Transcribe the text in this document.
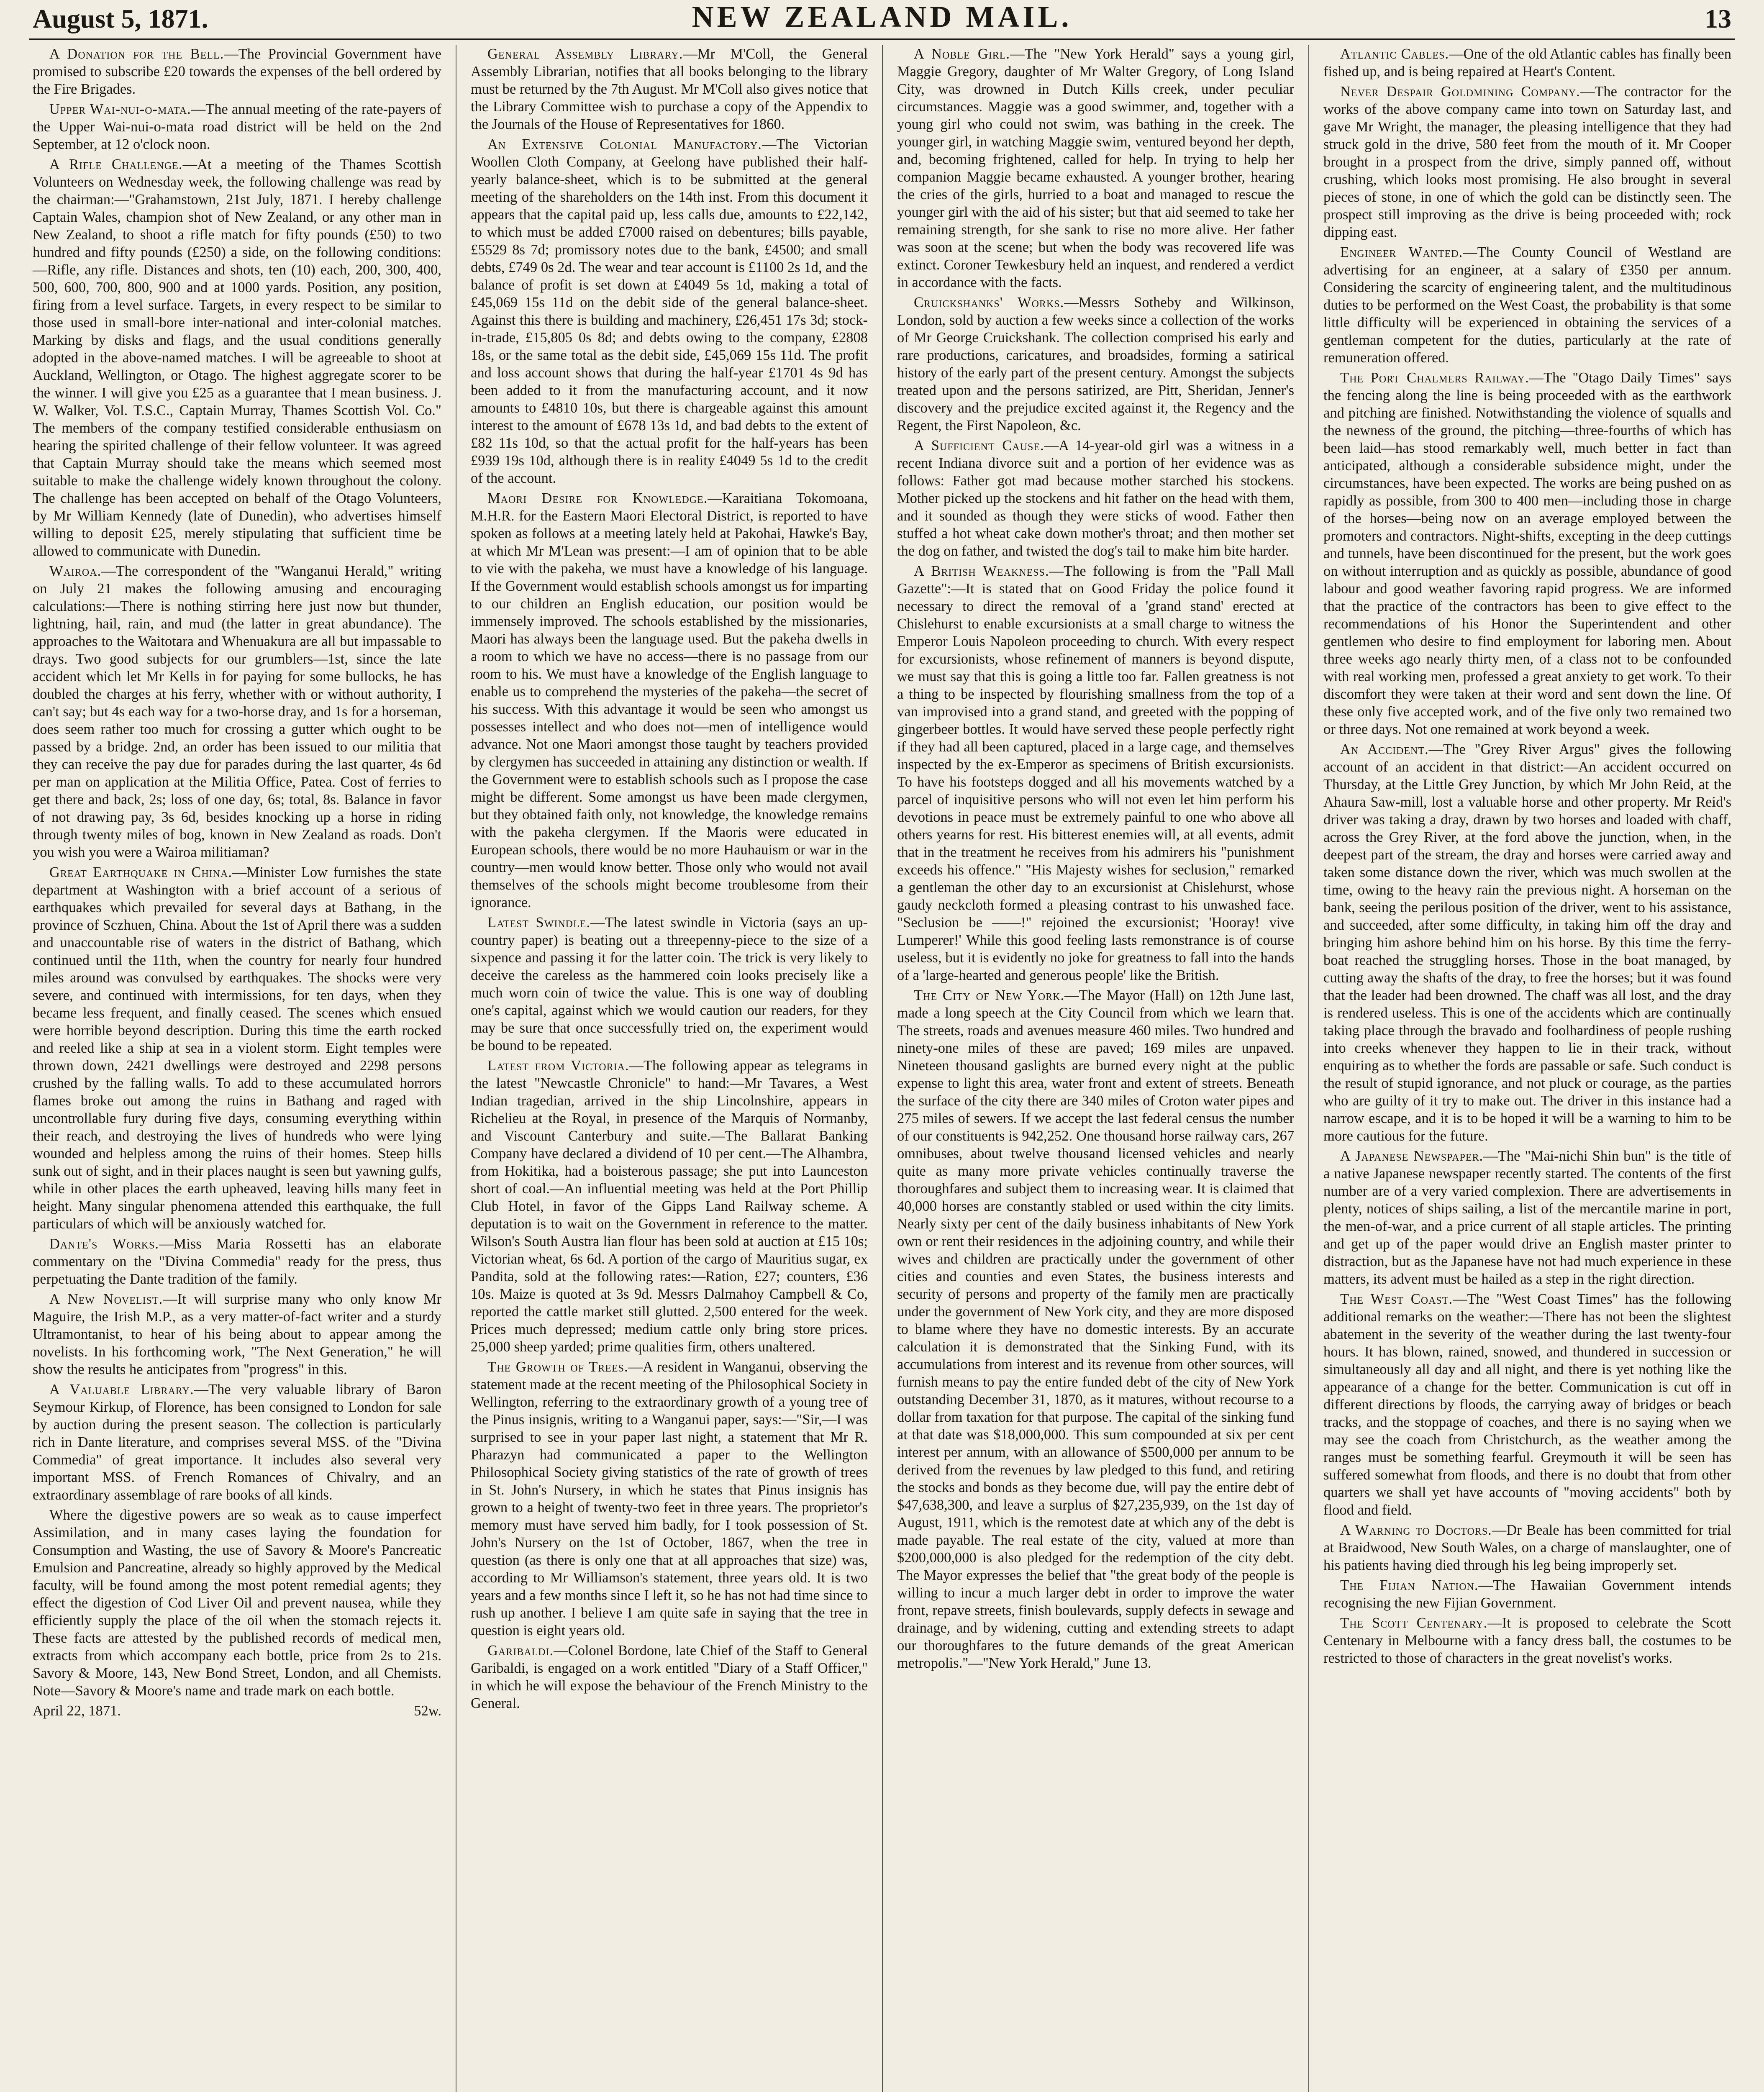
August 5, 1871.	NEW ZEALAND MAIL.	13

A Donation for the Bell.—The Provincial Government have promised to subscribe £20 towards the expenses of the bell ordered by the Fire Brigades.

Upper Wai-nui-o-mata.—The annual meeting of the rate-payers of the Upper Wai-nui-o-mata road district will be held on the 2nd September, at 12 o'clock noon.

A Rifle Challenge.—At a meeting of the Thames Scottish Volunteers on Wednesday week, the following challenge was read by the chairman:—"Grahamstown, 21st July, 1871. I hereby challenge Captain Wales, champion shot of New Zealand, or any other man in New Zealand, to shoot a rifle match for fifty pounds (£50) to two hundred and fifty pounds (£250) a side, on the following conditions:—Rifle, any rifle. Distances and shots, ten (10) each, 200, 300, 400, 500, 600, 700, 800, 900 and at 1000 yards. Position, any position, firing from a level surface. Targets, in every respect to be similar to those used in small-bore inter-national and inter-colonial matches. Marking by disks and flags, and the usual conditions generally adopted in the above-named matches. I will be agreeable to shoot at Auckland, Wellington, or Otago. The highest aggregate scorer to be the winner. I will give you £25 as a guarantee that I mean business. J. W. Walker, Vol. T.S.C., Captain Murray, Thames Scottish Vol. Co." The members of the company testified considerable enthusiasm on hearing the spirited challenge of their fellow volunteer. It was agreed that Captain Murray should take the means which seemed most suitable to make the challenge widely known throughout the colony. The challenge has been accepted on behalf of the Otago Volunteers, by Mr William Kennedy (late of Dunedin), who advertises himself willing to deposit £25, merely stipulating that sufficient time be allowed to communicate with Dunedin.

Wairoa.—The correspondent of the "Wanganui Herald," writing on July 21 makes the following amusing and encouraging calculations:—There is nothing stirring here just now but thunder, lightning, hail, rain, and mud (the latter in great abundance). The approaches to the Waitotara and Whenuakura are all but impassable to drays. Two good subjects for our grumblers—1st, since the late accident which let Mr Kells in for paying for some bullocks, he has doubled the charges at his ferry, whether with or without authority, I can't say; but 4s each way for a two-horse dray, and 1s for a horseman, does seem rather too much for crossing a gutter which ought to be passed by a bridge. 2nd, an order has been issued to our militia that they can receive the pay due for parades during the last quarter, 4s 6d per man on application at the Militia Office, Patea. Cost of ferries to get there and back, 2s; loss of one day, 6s; total, 8s. Balance in favor of not drawing pay, 3s 6d, besides knocking up a horse in riding through twenty miles of bog, known in New Zealand as roads. Don't you wish you were a Wairoa militiaman?

Great Earthquake in China.—Minister Low furnishes the state department at Washington with a brief account of a serious of earthquakes which prevailed for several days at Bathang, in the province of Sczhuen, China. About the 1st of April there was a sudden and unaccountable rise of waters in the district of Bathang, which continued until the 11th, when the country for nearly four hundred miles around was convulsed by earthquakes. The shocks were very severe, and continued with intermissions, for ten days, when they became less frequent, and finally ceased. The scenes which ensued were horrible beyond description. During this time the earth rocked and reeled like a ship at sea in a violent storm. Eight temples were thrown down, 2421 dwellings were destroyed and 2298 persons crushed by the falling walls. To add to these accumulated horrors flames broke out among the ruins in Bathang and raged with uncontrollable fury during five days, consuming everything within their reach, and destroying the lives of hundreds who were lying wounded and helpless among the ruins of their homes. Steep hills sunk out of sight, and in their places naught is seen but yawning gulfs, while in other places the earth upheaved, leaving hills many feet in height. Many singular phenomena attended this earthquake, the full particulars of which will be anxiously watched for.

Dante's Works.—Miss Maria Rossetti has an elaborate commentary on the "Divina Commedia" ready for the press, thus perpetuating the Dante tradition of the family.

A New Novelist.—It will surprise many who only know Mr Maguire, the Irish M.P., as a very matter-of-fact writer and a sturdy Ultramontanist, to hear of his being about to appear among the novelists. In his forthcoming work, "The Next Generation," he will show the results he anticipates from "progress" in this.

A Valuable Library.—The very valuable library of Baron Seymour Kirkup, of Florence, has been consigned to London for sale by auction during the present season. The collection is particularly rich in Dante literature, and comprises several MSS. of the "Divina Commedia" of great importance. It includes also several very important MSS. of French Romances of Chivalry, and an extraordinary assemblage of rare books of all kinds.

Where the digestive powers are so weak as to cause imperfect Assimilation, and in many cases laying the foundation for Consumption and Wasting, the use of Savory & Moore's Pancreatic Emulsion and Pancreatine, already so highly approved by the Medical faculty, will be found among the most potent remedial agents; they effect the digestion of Cod Liver Oil and prevent nausea, while they efficiently supply the place of the oil when the stomach rejects it. These facts are attested by the published records of medical men, extracts from which accompany each bottle, price from 2s to 21s. Savory & Moore, 143, New Bond Street, London, and all Chemists. Note—Savory & Moore's name and trade mark on each bottle.

April 22, 1871.	52w.

General Assembly Library.—Mr M'Coll, the General Assembly Librarian, notifies that all books belonging to the library must be returned by the 7th August. Mr M'Coll also gives notice that the Library Committee wish to purchase a copy of the Appendix to the Journals of the House of Representatives for 1860.

An Extensive Colonial Manufactory.—The Victorian Woollen Cloth Company, at Geelong have published their half-yearly balance-sheet, which is to be submitted at the general meeting of the shareholders on the 14th inst. From this document it appears that the capital paid up, less calls due, amounts to £22,142, to which must be added £7000 raised on debentures; bills payable, £5529 8s 7d; promissory notes due to the bank, £4500; and small debts, £749 0s 2d. The wear and tear account is £1100 2s 1d, and the balance of profit is set down at £4049 5s 1d, making a total of £45,069 15s 11d on the debit side of the general balance-sheet. Against this there is building and machinery, £26,451 17s 3d; stock-in-trade, £15,805 0s 8d; and debts owing to the company, £2808 18s, or the same total as the debit side, £45,069 15s 11d. The profit and loss account shows that during the half-year £1701 4s 9d has been added to it from the manufacturing account, and it now amounts to £4810 10s, but there is chargeable against this amount interest to the amount of £678 13s 1d, and bad debts to the extent of £82 11s 10d, so that the actual profit for the half-years has been £939 19s 10d, although there is in reality £4049 5s 1d to the credit of the account.

Maori Desire for Knowledge.—Karaitiana Tokomoana, M.H.R. for the Eastern Maori Electoral District, is reported to have spoken as follows at a meeting lately held at Pakohai, Hawke's Bay, at which Mr M'Lean was present:—I am of opinion that to be able to vie with the pakeha, we must have a knowledge of his language. If the Government would establish schools amongst us for imparting to our children an English education, our position would be immensely improved. The schools established by the missionaries, Maori has always been the language used. But the pakeha dwells in a room to which we have no access—there is no passage from our room to his. We must have a knowledge of the English language to enable us to comprehend the mysteries of the pakeha—the secret of his success. With this advantage it would be seen who amongst us possesses intellect and who does not—men of intelligence would advance. Not one Maori amongst those taught by teachers provided by clergymen has succeeded in attaining any distinction or wealth. If the Government were to establish schools such as I propose the case might be different. Some amongst us have been made clergymen, but they obtained faith only, not knowledge, the knowledge remains with the pakeha clergymen. If the Maoris were educated in European schools, there would be no more Hauhauism or war in the country—men would know better. Those only who would not avail themselves of the schools might become troublesome from their ignorance.

Latest Swindle.—The latest swindle in Victoria (says an up-country paper) is beating out a threepenny-piece to the size of a sixpence and passing it for the latter coin. The trick is very likely to deceive the careless as the hammered coin looks precisely like a much worn coin of twice the value. This is one way of doubling one's capital, against which we would caution our readers, for they may be sure that once successfully tried on, the experiment would be bound to be repeated.

Latest from Victoria.—The following appear as telegrams in the latest "Newcastle Chronicle" to hand:—Mr Tavares, a West Indian tragedian, arrived in the ship Lincolnshire, appears in Richelieu at the Royal, in presence of the Marquis of Normanby, and Viscount Canterbury and suite.—The Ballarat Banking Company have declared a dividend of 10 per cent.—The Alhambra, from Hokitika, had a boisterous passage; she put into Launceston short of coal.—An influential meeting was held at the Port Phillip Club Hotel, in favor of the Gipps Land Railway scheme. A deputation is to wait on the Government in reference to the matter. Wilson's South Austra lian flour has been sold at auction at £15 10s; Victorian wheat, 6s 6d. A portion of the cargo of Mauritius sugar, ex Pandita, sold at the following rates:—Ration, £27; counters, £36 10s. Maize is quoted at 3s 9d. Messrs Dalmahoy Campbell & Co, reported the cattle market still glutted. 2,500 entered for the week. Prices much depressed; medium cattle only bring store prices. 25,000 sheep yarded; prime qualities firm, others unaltered.

The Growth of Trees.—A resident in Wanganui, observing the statement made at the recent meeting of the Philosophical Society in Wellington, referring to the extraordinary growth of a young tree of the Pinus insignis, writing to a Wanganui paper, says:—"Sir,—I was surprised to see in your paper last night, a statement that Mr R. Pharazyn had communicated a paper to the Wellington Philosophical Society giving statistics of the rate of growth of trees in St. John's Nursery, in which he states that Pinus insignis has grown to a height of twenty-two feet in three years. The proprietor's memory must have served him badly, for I took possession of St. John's Nursery on the 1st of October, 1867, when the tree in question (as there is only one that at all approaches that size) was, according to Mr Williamson's statement, three years old. It is two years and a few months since I left it, so he has not had time since to rush up another. I believe I am quite safe in saying that the tree in question is eight years old.

Garibaldi.—Colonel Bordone, late Chief of the Staff to General Garibaldi, is engaged on a work entitled "Diary of a Staff Officer," in which he will expose the behaviour of the French Ministry to the General.

A Noble Girl.—The "New York Herald" says a young girl, Maggie Gregory, daughter of Mr Walter Gregory, of Long Island City, was drowned in Dutch Kills creek, under peculiar circumstances. Maggie was a good swimmer, and, together with a young girl who could not swim, was bathing in the creek. The younger girl, in watching Maggie swim, ventured beyond her depth, and, becoming frightened, called for help. In trying to help her companion Maggie became exhausted. A younger brother, hearing the cries of the girls, hurried to a boat and managed to rescue the younger girl with the aid of his sister; but that aid seemed to take her remaining strength, for she sank to rise no more alive. Her father was soon at the scene; but when the body was recovered life was extinct. Coroner Tewkesbury held an inquest, and rendered a verdict in accordance with the facts.

Cruickshanks' Works.—Messrs Sotheby and Wilkinson, London, sold by auction a few weeks since a collection of the works of Mr George Cruickshank. The collection comprised his early and rare productions, caricatures, and broadsides, forming a satirical history of the early part of the present century. Amongst the subjects treated upon and the persons satirized, are Pitt, Sheridan, Jenner's discovery and the prejudice excited against it, the Regency and the Regent, the First Napoleon, &c.

A Sufficient Cause.—A 14-year-old girl was a witness in a recent Indiana divorce suit and a portion of her evidence was as follows: Father got mad because mother starched his stockens. Mother picked up the stockens and hit father on the head with them, and it sounded as though they were sticks of wood. Father then stuffed a hot wheat cake down mother's throat; and then mother set the dog on father, and twisted the dog's tail to make him bite harder.

A British Weakness.—The following is from the "Pall Mall Gazette":—It is stated that on Good Friday the police found it necessary to direct the removal of a 'grand stand' erected at Chislehurst to enable excursionists at a small charge to witness the Emperor Louis Napoleon proceeding to church. With every respect for excursionists, whose refinement of manners is beyond dispute, we must say that this is going a little too far. Fallen greatness is not a thing to be inspected by flourishing smallness from the top of a van improvised into a grand stand, and greeted with the popping of gingerbeer bottles. It would have served these people perfectly right if they had all been captured, placed in a large cage, and themselves inspected by the ex-Emperor as specimens of British excursionists. To have his footsteps dogged and all his movements watched by a parcel of inquisitive persons who will not even let him perform his devotions in peace must be extremely painful to one who above all others yearns for rest. His bitterest enemies will, at all events, admit that in the treatment he receives from his admirers his "punishment exceeds his offence." "His Majesty wishes for seclusion," remarked a gentleman the other day to an excursionist at Chislehurst, whose gaudy neckcloth formed a pleasing contrast to his unwashed face. "Seclusion be ——!" rejoined the excursionist; 'Hooray! vive Lumperer!' While this good feeling lasts remonstrance is of course useless, but it is evidently no joke for greatness to fall into the hands of a 'large-hearted and generous people' like the British.

The City of New York.—The Mayor (Hall) on 12th June last, made a long speech at the City Council from which we learn that. The streets, roads and avenues measure 460 miles. Two hundred and ninety-one miles of these are paved; 169 miles are unpaved. Nineteen thousand gaslights are burned every night at the public expense to light this area, water front and extent of streets. Beneath the surface of the city there are 340 miles of Croton water pipes and 275 miles of sewers. If we accept the last federal census the number of our constituents is 942,252. One thousand horse railway cars, 267 omnibuses, about twelve thousand licensed vehicles and nearly quite as many more private vehicles continually traverse the thoroughfares and subject them to increasing wear. It is claimed that 40,000 horses are constantly stabled or used within the city limits. Nearly sixty per cent of the daily business inhabitants of New York own or rent their residences in the adjoining country, and while their wives and children are practically under the government of other cities and counties and even States, the business interests and security of persons and property of the family men are practically under the government of New York city, and they are more disposed to blame where they have no domestic interests. By an accurate calculation it is demonstrated that the Sinking Fund, with its accumulations from interest and its revenue from other sources, will furnish means to pay the entire funded debt of the city of New York outstanding December 31, 1870, as it matures, without recourse to a dollar from taxation for that purpose. The capital of the sinking fund at that date was $18,000,000. This sum compounded at six per cent interest per annum, with an allowance of $500,000 per annum to be derived from the revenues by law pledged to this fund, and retiring the stocks and bonds as they become due, will pay the entire debt of $47,638,300, and leave a surplus of $27,235,939, on the 1st day of August, 1911, which is the remotest date at which any of the debt is made payable. The real estate of the city, valued at more than $200,000,000 is also pledged for the redemption of the city debt. The Mayor expresses the belief that "the great body of the people is willing to incur a much larger debt in order to improve the water front, repave streets, finish boulevards, supply defects in sewage and drainage, and by widening, cutting and extending streets to adapt our thoroughfares to the future demands of the great American metropolis."—"New York Herald," June 13.

Atlantic Cables.—One of the old Atlantic cables has finally been fished up, and is being repaired at Heart's Content.

Never Despair Goldmining Company.—The contractor for the works of the above company came into town on Saturday last, and gave Mr Wright, the manager, the pleasing intelligence that they had struck gold in the drive, 580 feet from the mouth of it. Mr Cooper brought in a prospect from the drive, simply panned off, without crushing, which looks most promising. He also brought in several pieces of stone, in one of which the gold can be distinctly seen. The prospect still improving as the drive is being proceeded with; rock dipping east.

Engineer Wanted.—The County Council of Westland are advertising for an engineer, at a salary of £350 per annum. Considering the scarcity of engineering talent, and the multitudinous duties to be performed on the West Coast, the probability is that some little difficulty will be experienced in obtaining the services of a gentleman competent for the duties, particularly at the rate of remuneration offered.

The Port Chalmers Railway.—The "Otago Daily Times" says the fencing along the line is being proceeded with as the earthwork and pitching are finished. Notwithstanding the violence of squalls and the newness of the ground, the pitching—three-fourths of which has been laid—has stood remarkably well, much better in fact than anticipated, although a considerable subsidence might, under the circumstances, have been expected. The works are being pushed on as rapidly as possible, from 300 to 400 men—including those in charge of the horses—being now on an average employed between the promoters and contractors. Night-shifts, excepting in the deep cuttings and tunnels, have been discontinued for the present, but the work goes on without interruption and as quickly as possible, abundance of good labour and good weather favoring rapid progress. We are informed that the practice of the contractors has been to give effect to the recommendations of his Honor the Superintendent and other gentlemen who desire to find employment for laboring men. About three weeks ago nearly thirty men, of a class not to be confounded with real working men, professed a great anxiety to get work. To their discomfort they were taken at their word and sent down the line. Of these only five accepted work, and of the five only two remained two or three days. Not one remained at work beyond a week.

An Accident.—The "Grey River Argus" gives the following account of an accident in that district:—An accident occurred on Thursday, at the Little Grey Junction, by which Mr John Reid, at the Ahaura Saw-mill, lost a valuable horse and other property. Mr Reid's driver was taking a dray, drawn by two horses and loaded with chaff, across the Grey River, at the ford above the junction, when, in the deepest part of the stream, the dray and horses were carried away and taken some distance down the river, which was much swollen at the time, owing to the heavy rain the previous night. A horseman on the bank, seeing the perilous position of the driver, went to his assistance, and succeeded, after some difficulty, in taking him off the dray and bringing him ashore behind him on his horse. By this time the ferry-boat reached the struggling horses. Those in the boat managed, by cutting away the shafts of the dray, to free the horses; but it was found that the leader had been drowned. The chaff was all lost, and the dray is rendered useless. This is one of the accidents which are continually taking place through the bravado and foolhardiness of people rushing into creeks whenever they happen to lie in their track, without enquiring as to whether the fords are passable or safe. Such conduct is the result of stupid ignorance, and not pluck or courage, as the parties who are guilty of it try to make out. The driver in this instance had a narrow escape, and it is to be hoped it will be a warning to him to be more cautious for the future.

A Japanese Newspaper.—The "Mai-nichi Shin bun" is the title of a native Japanese newspaper recently started. The contents of the first number are of a very varied complexion. There are advertisements in plenty, notices of ships sailing, a list of the mercantile marine in port, the men-of-war, and a price current of all staple articles. The printing and get up of the paper would drive an English master printer to distraction, but as the Japanese have not had much experience in these matters, its advent must be hailed as a step in the right direction.

The West Coast.—The "West Coast Times" has the following additional remarks on the weather:—There has not been the slightest abatement in the severity of the weather during the last twenty-four hours. It has blown, rained, snowed, and thundered in succession or simultaneously all day and all night, and there is yet nothing like the appearance of a change for the better. Communication is cut off in different directions by floods, the carrying away of bridges or beach tracks, and the stoppage of coaches, and there is no saying when we may see the coach from Christchurch, as the weather among the ranges must be something fearful. Greymouth it will be seen has suffered somewhat from floods, and there is no doubt that from other quarters we shall yet have accounts of "moving accidents" both by flood and field.

A Warning to Doctors.—Dr Beale has been committed for trial at Braidwood, New South Wales, on a charge of manslaughter, one of his patients having died through his leg being improperly set.

The Fijian Nation.—The Hawaiian Government intends recognising the new Fijian Government.

The Scott Centenary.—It is proposed to celebrate the Scott Centenary in Melbourne with a fancy dress ball, the costumes to be restricted to those of characters in the great novelist's works.
